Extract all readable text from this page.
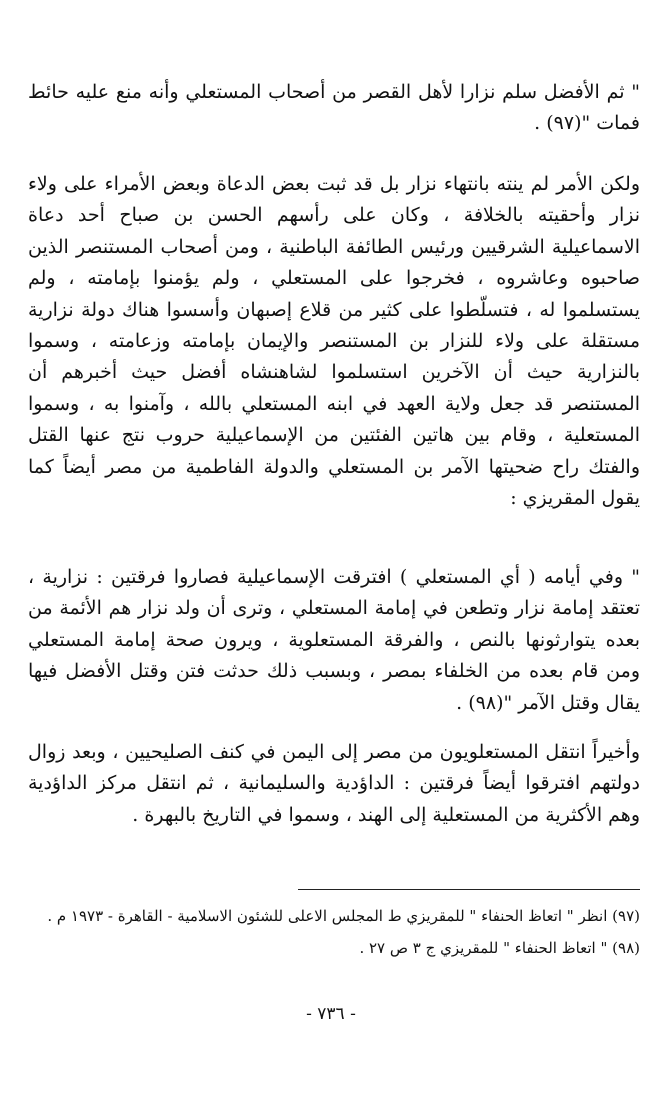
" ثم الأفضل سلم نزارا لأهل القصر من أصحاب المستعلي وأنه منع عليه حائط فمات "(٩٧) .

ولكن الأمر لم ينته بانتهاء نزار بل قد ثبت بعض الدعاة وبعض الأمراء على ولاء نزار وأحقيته بالخلافة ، وكان على رأسهم الحسن بن صباح أحد دعاة الاسماعيلية الشرقيين ورئيس الطائفة الباطنية ، ومن أصحاب المستنصر الذين صاحبوه وعاشروه ، فخرجوا على المستعلي ، ولم يؤمنوا بإمامته ، ولم يستسلموا له ، فتسلّطوا على كثير من قلاع إصبهان وأسسوا هناك دولة نزارية مستقلة على ولاء للنزار بن المستنصر والإيمان بإمامته وزعامته ، وسموا بالنزارية حيث أن الآخرين استسلموا لشاهنشاه أفضل حيث أخبرهم أن المستنصر قد جعل ولاية العهد في ابنه المستعلي بالله ، وآمنوا به ، وسموا المستعلية ، وقام بين هاتين الفئتين من الإسماعيلية حروب نتج عنها القتل والفتك راح ضحيتها الآمر بن المستعلي والدولة الفاطمية من مصر أيضاً كما يقول المقريزي :

" وفي أيامه ( أي المستعلي ) افترقت الإسماعيلية فصاروا فرقتين : نزارية ، تعتقد إمامة نزار وتطعن في إمامة المستعلي ، وترى أن ولد نزار هم الأئمة من بعده يتوارثونها بالنص ، والفرقة المستعلوية ، ويرون صحة إمامة المستعلي ومن قام بعده من الخلفاء بمصر ، وبسبب ذلك حدثت فتن وقتل الأفضل فيها يقال وقتل الآمر "(٩٨) .

وأخيراً انتقل المستعلويون من مصر إلى اليمن في كنف الصليحيين ، وبعد زوال دولتهم افترقوا أيضاً فرقتين : الداؤدية والسليمانية ، ثم انتقل مركز الداؤدية وهم الأكثرية من المستعلية إلى الهند ، وسموا في التاريخ بالبهرة .

(٩٧) انظر " اتعاظ الحنفاء " للمقريزي ط المجلس الاعلى للشئون الاسلامية - القاهرة - ١٩٧٣ م .

(٩٨) " اتعاظ الحنفاء " للمقريزي ج ٣ ص ٢٧ .

- ٧٣٦ -
